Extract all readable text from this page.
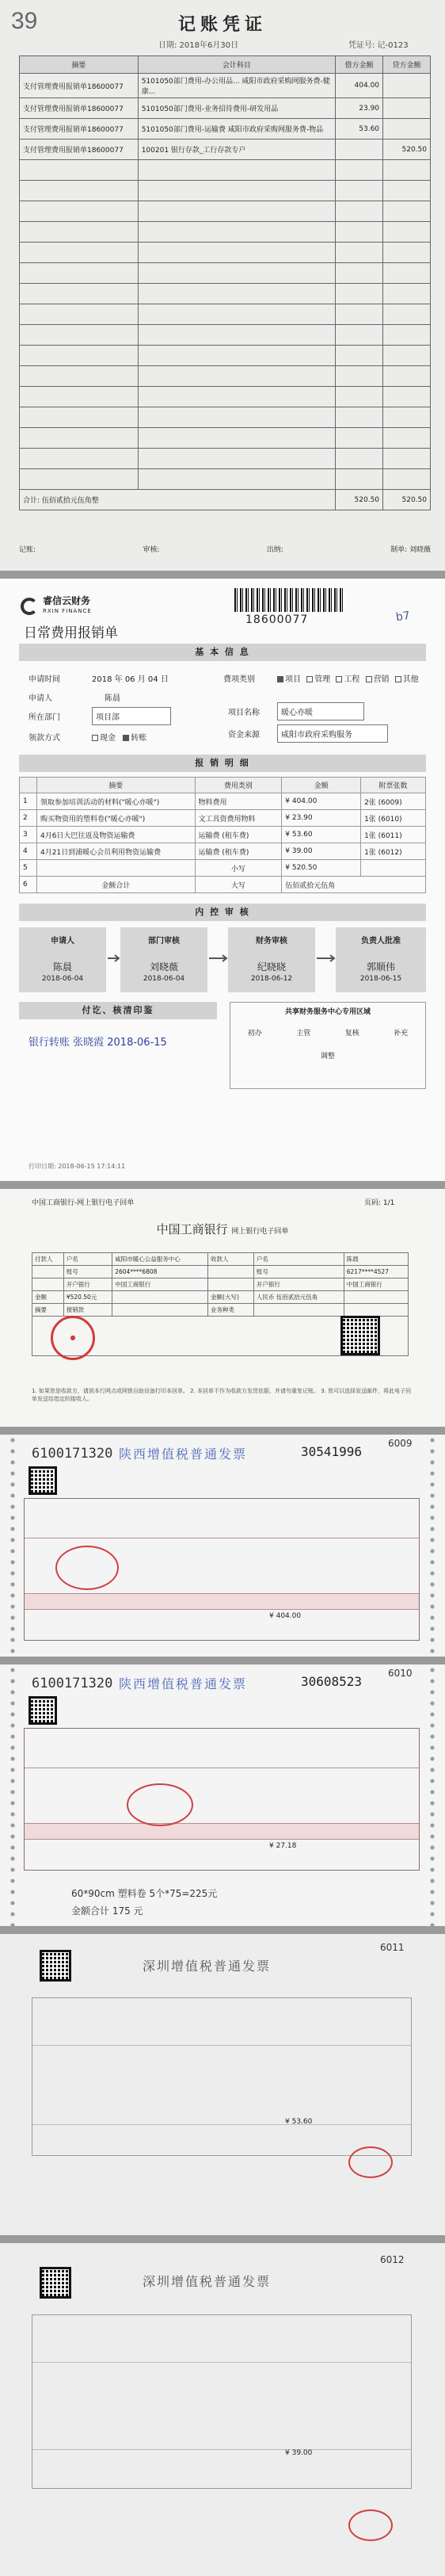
39	记账凭证
日期: 2018年6月30日	凭证号: 记-0123
摘要	会计科目	借方金额	贷方金额
支付管理费用报销单18600077	5101050部门费用-办公用品... 咸阳市政府采购网服务费-健康...	404.00	
支付管理费用报销单18600077	5101050部门费用-业务招待费用-研发用品	23.90	
支付管理费用报销单18600077	5101050部门费用-运输费 咸阳市政府采购网服务费-物品	53.60	
支付管理费用报销单18600077	100201 银行存款_工行存款专户		520.50

合计: 伍佰贰拾元伍角整		520.50	520.50
记账:	审核:	出纳:	制单: 刘晓薇
睿信云财务
RXIN FINANCE
18600077	b7
日常费用报销单
基 本 信 息
申请时间	2018 年 06 月 04 日	费项类别	项目 管理 工程 营销 其他
申请人	陈晨
所在部门	项目部
项目名称	暖心亦暖
领款方式	现金 转账	资金来源	咸阳市政府采购服务
报 销 明 细
	摘要	费用类别	金额	附票张数
1	领取参加培训活动的材料("暖心亦暖")	物料费用	¥ 404.00	2张 (6009)
2	购买物资用的塑料卷("暖心亦暖")	文工具资费用物料	¥ 23.90	1张 (6010)
3	4月6日大巴往返及物资运输费	运输费 (租车费)	¥ 53.60	1张 (6011)
4	4月21日到浦暖心会员利用物资运输费	运输费 (租车费)	¥ 39.00	1张 (6012)
5		小写	¥ 520.50	
6	金额合计	大写	伍佰贰拾元伍角	
内 控 审 核
申请人
陈晨
2018-06-04
部门审核
刘晓薇
2018-06-04
财务审核
纪晓晓
2018-06-12
负责人批准
郭顺伟
2018-06-15
付讫、核清印鉴
银行转账 张晓霞 2018-06-15
共享财务服务中心专用区域
初办	主管	复核	补充
调整
打印日期: 2018-06-15 17:14:11
中国工商银行-网上银行电子回单	页码: 1/1
中国工商银行 网上银行电子回单
付款人	户名	咸阳市暖心公益服务中心	收款人	户名	陈晨
	账号	2604****6808		账号	6217****4527
	开户银行	中国工商银行		开户银行	中国工商银行
金额	¥520.50元		金额(大写)	人民币 伍佰贰拾元伍角	
摘要	报销款		业务种类		

●
1. 如果您是收款方，请到本行网点或网银自助设备打印本回单。 2. 本回单不作为收款方发货依据，并请勿重复记账。 3. 您可以选择发送邮件，将此电子回单发送给指定的接收人。
6100171320 陕西增值税普通发票	30541996
6009
¥ 404.00
6100171320 陕西增值税普通发票	30608523
6010
¥ 27.18
60*90cm 塑料卷 5个*75=225元
金额合计 175 元
深圳增值税普通发票
6011
¥ 53.60
深圳增值税普通发票
6012
¥ 39.00
